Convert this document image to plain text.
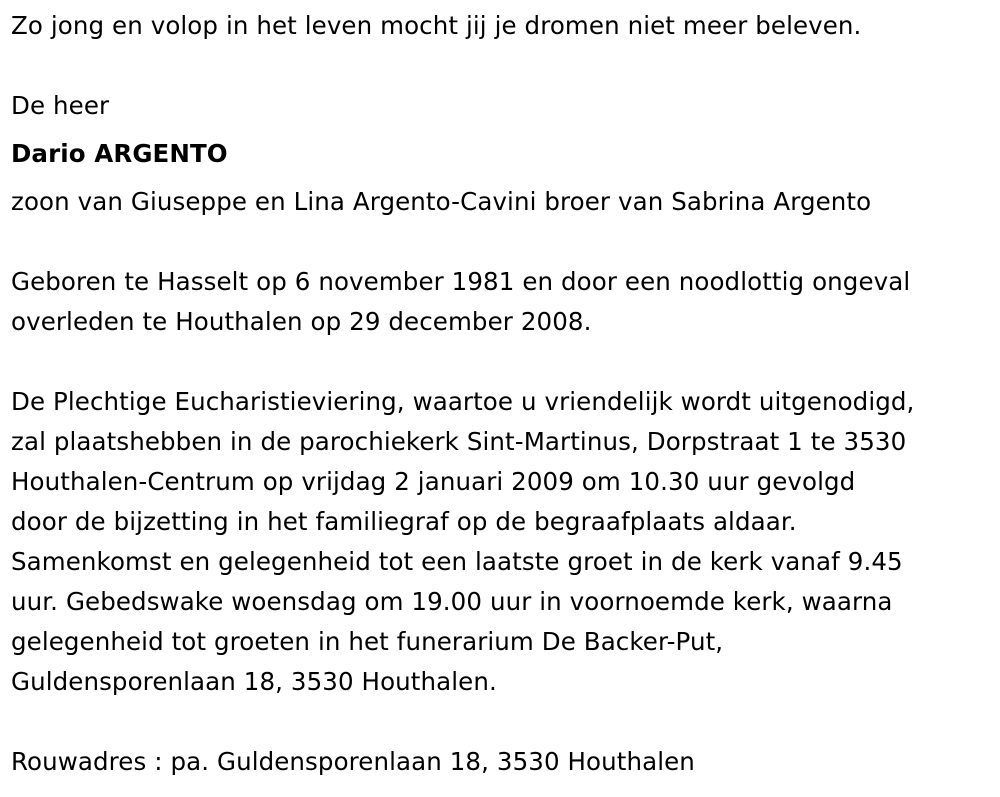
Zo jong en volop in het leven mocht jij je dromen niet meer beleven.
De heer
Dario ARGENTO
zoon van Giuseppe en Lina Argento-Cavini broer van Sabrina Argento
Geboren te Hasselt op 6 november 1981 en door een noodlottig ongeval
overleden te Houthalen op 29 december 2008.
De Plechtige Eucharistieviering, waartoe u vriendelijk wordt uitgenodigd,
zal plaatshebben in de parochiekerk Sint-Martinus, Dorpstraat 1 te 3530
Houthalen-Centrum op vrijdag 2 januari 2009 om 10.30 uur gevolgd
door de bijzetting in het familiegraf op de begraafplaats aldaar.
Samenkomst en gelegenheid tot een laatste groet in de kerk vanaf 9.45
uur. Gebedswake woensdag om 19.00 uur in voornoemde kerk, waarna
gelegenheid tot groeten in het funerarium De Backer-Put,
Guldensporenlaan 18, 3530 Houthalen.
Rouwadres : pa. Guldensporenlaan 18, 3530 Houthalen
